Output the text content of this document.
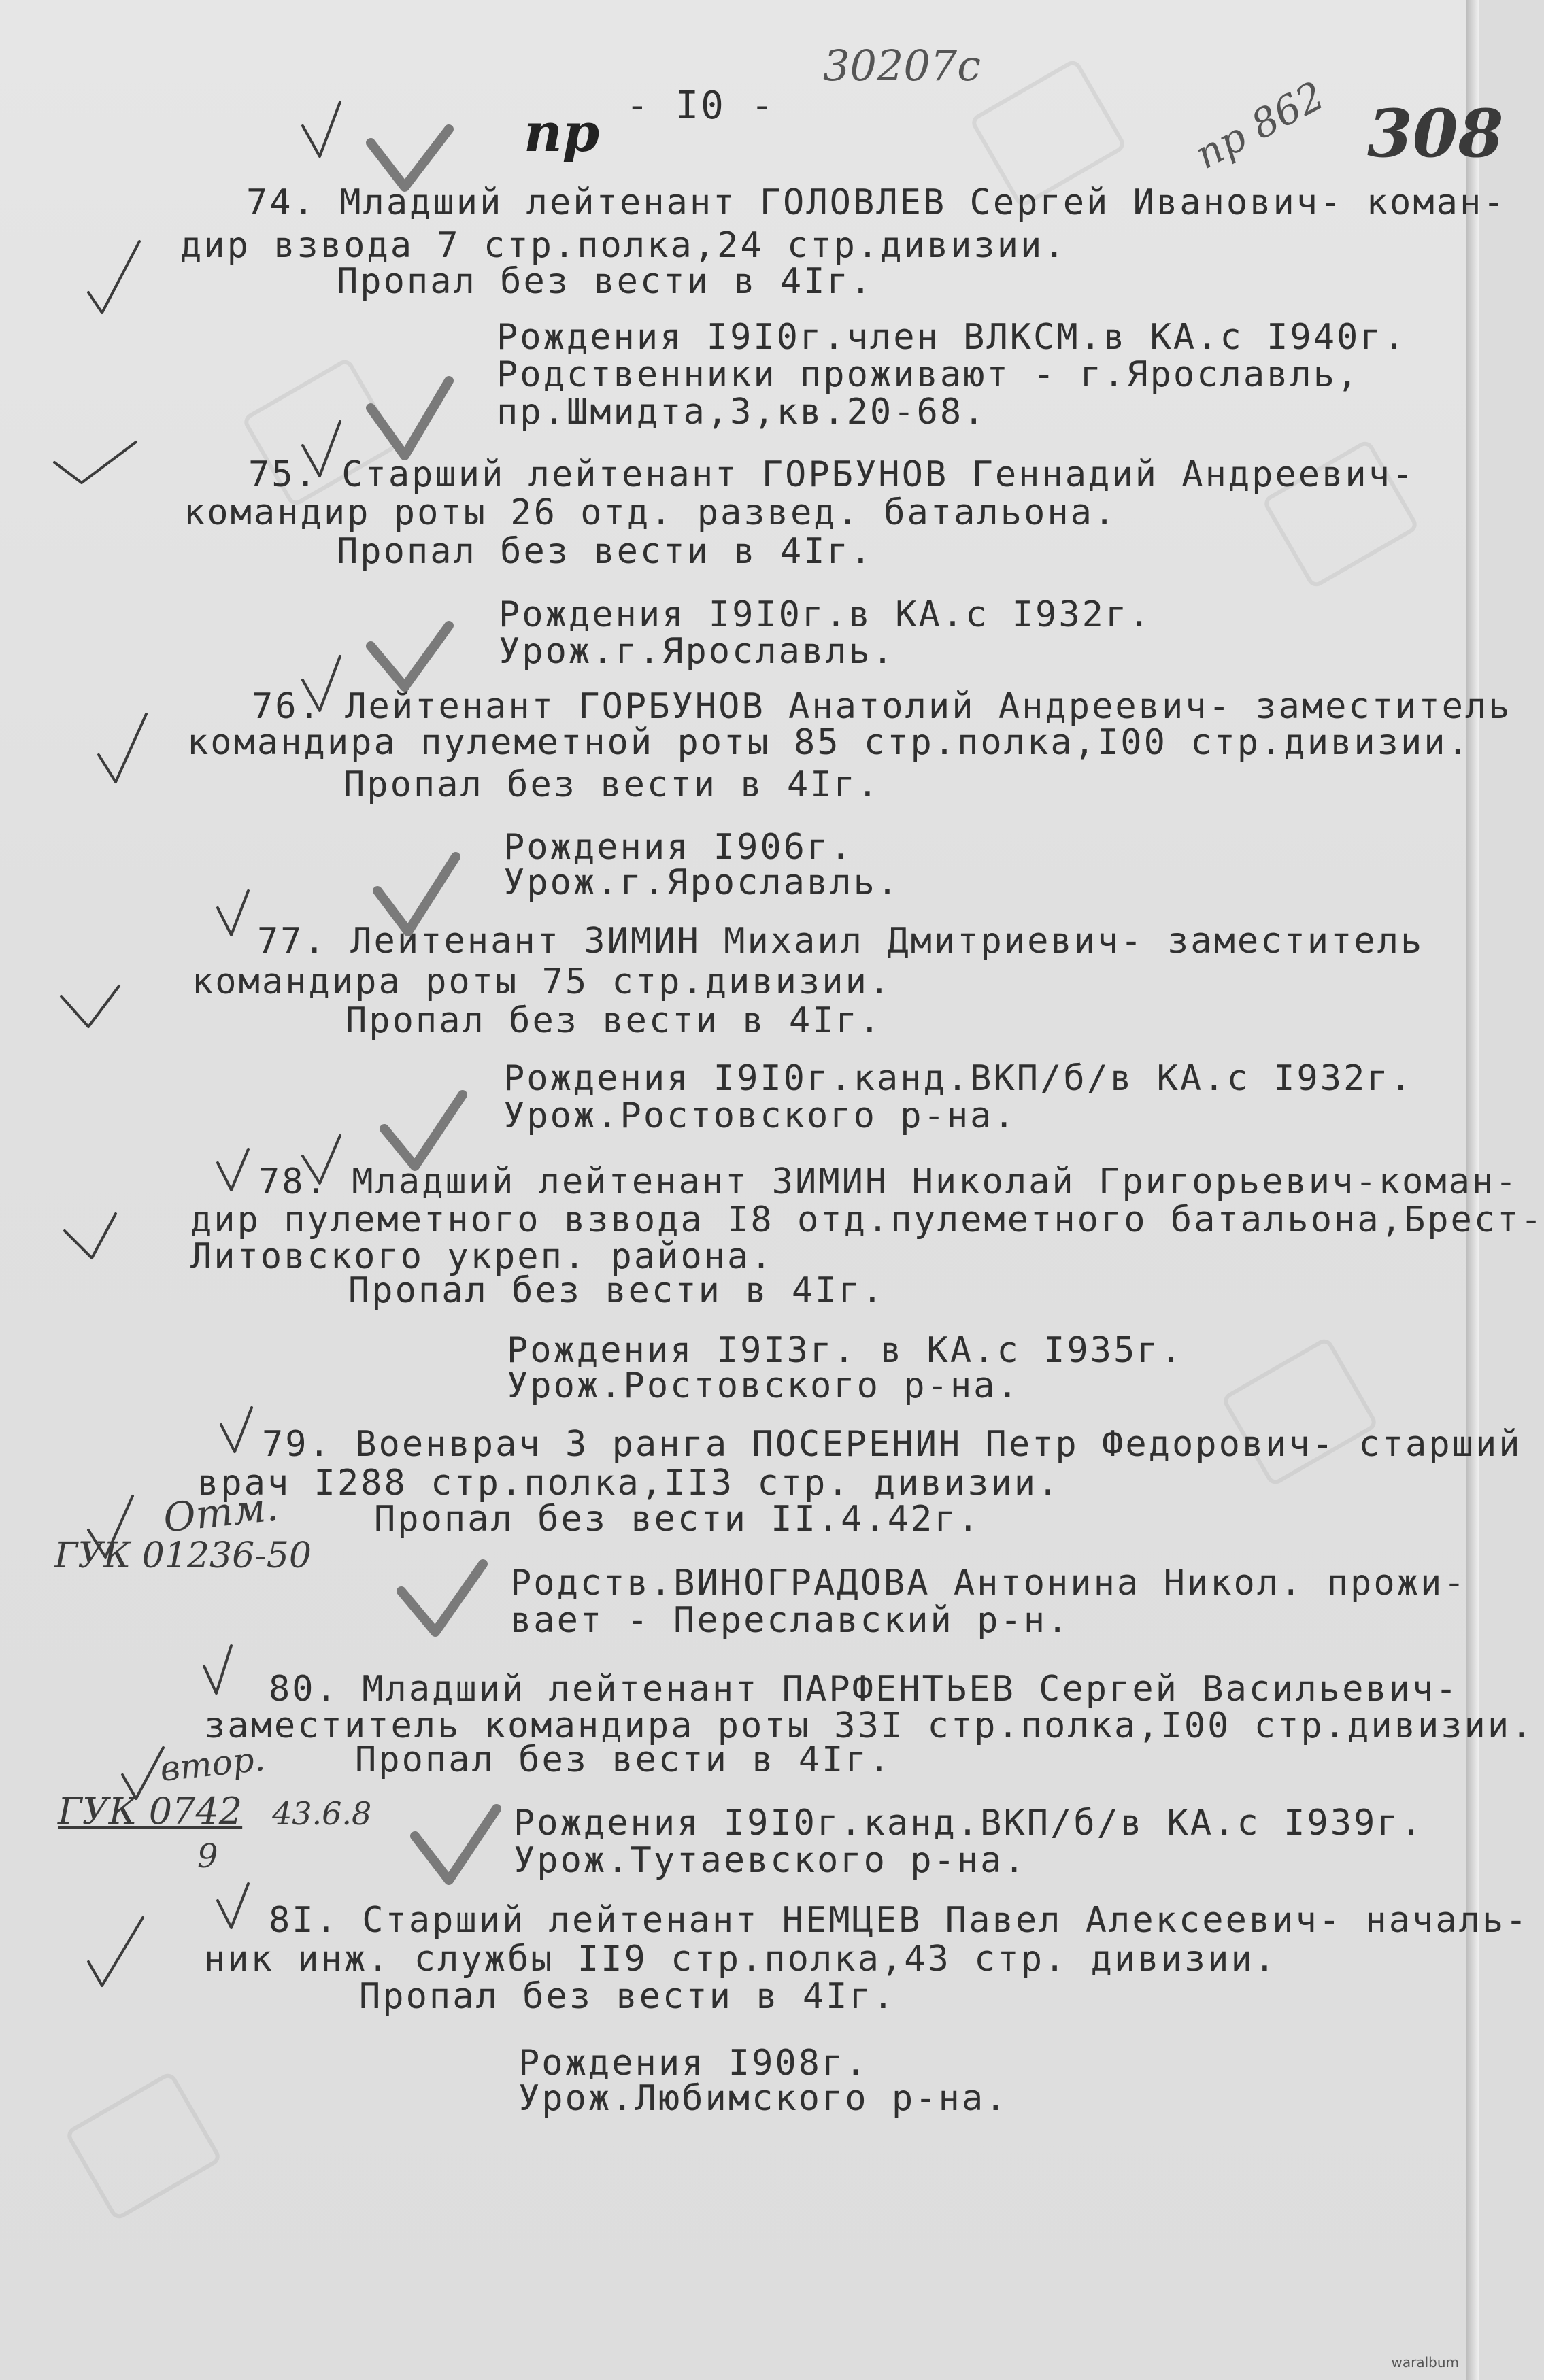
- I0 -
30207с
пр 862 308
пр
74. Младший лейтенант ГОЛОВЛЕВ Сергей Иванович- коман-
дир взвода 7 стр.полка,24 стр.дивизии.
Пропал без вести в 4Iг.
Рождения I9I0г.член ВЛКСМ.в КА.с I940г.
Родственники проживают - г.Ярославль,
пр.Шмидта,3,кв.20-68.
75. Старший лейтенант ГОРБУНОВ Геннадий Андреевич-
командир роты 26 отд. развед. батальона.
Пропал без вести в 4Iг.
Рождения I9I0г.в КА.с I932г.
Урож.г.Ярославль.
76. Лейтенант ГОРБУНОВ Анатолий Андреевич- заместитель
командира пулеметной роты 85 стр.полка,I00 стр.дивизии.
Пропал без вести в 4Iг.
Рождения I906г.
Урож.г.Ярославль.
77. Лейтенант ЗИМИН Михаил Дмитриевич- заместитель
командира роты 75 стр.дивизии.
Пропал без вести в 4Iг.
Рождения I9I0г.канд.ВКП/б/в КА.с I932г.
Урож.Ростовского р-на.
78. Младший лейтенант ЗИМИН Николай Григорьевич-коман-
дир пулеметного взвода I8 отд.пулеметного батальона,Брест-
Литовского укреп. района.
Пропал без вести в 4Iг.
Рождения I9I3г. в КА.с I935г.
Урож.Ростовского р-на.
79. Военврач 3 ранга ПОСЕРЕНИН Петр Федорович- старший
врач I288 стр.полка,II3 стр. дивизии.
Пропал без вести II.4.42г.
Родств.ВИНОГРАДОВА Антонина Никол. прожи-
вает - Переславский р-н.
80. Младший лейтенант ПАРФЕНТЬЕВ Сергей Васильевич-
заместитель командира роты 33I стр.полка,I00 стр.дивизии.
Пропал без вести в 4Iг.
Рождения I9I0г.канд.ВКП/б/в КА.с I939г.
Урож.Тутаевского р-на.
8I. Старший лейтенант НЕМЦЕВ Павел Алексеевич- началь-
ник инж. службы II9 стр.полка,43 стр. дивизии.
Пропал без вести в 4Iг.
Рождения I908г.
Урож.Любимского р-на.
Отм.
ГУК 01236-50
втор.
ГУК 0742
9
43.6.8
waralbum
